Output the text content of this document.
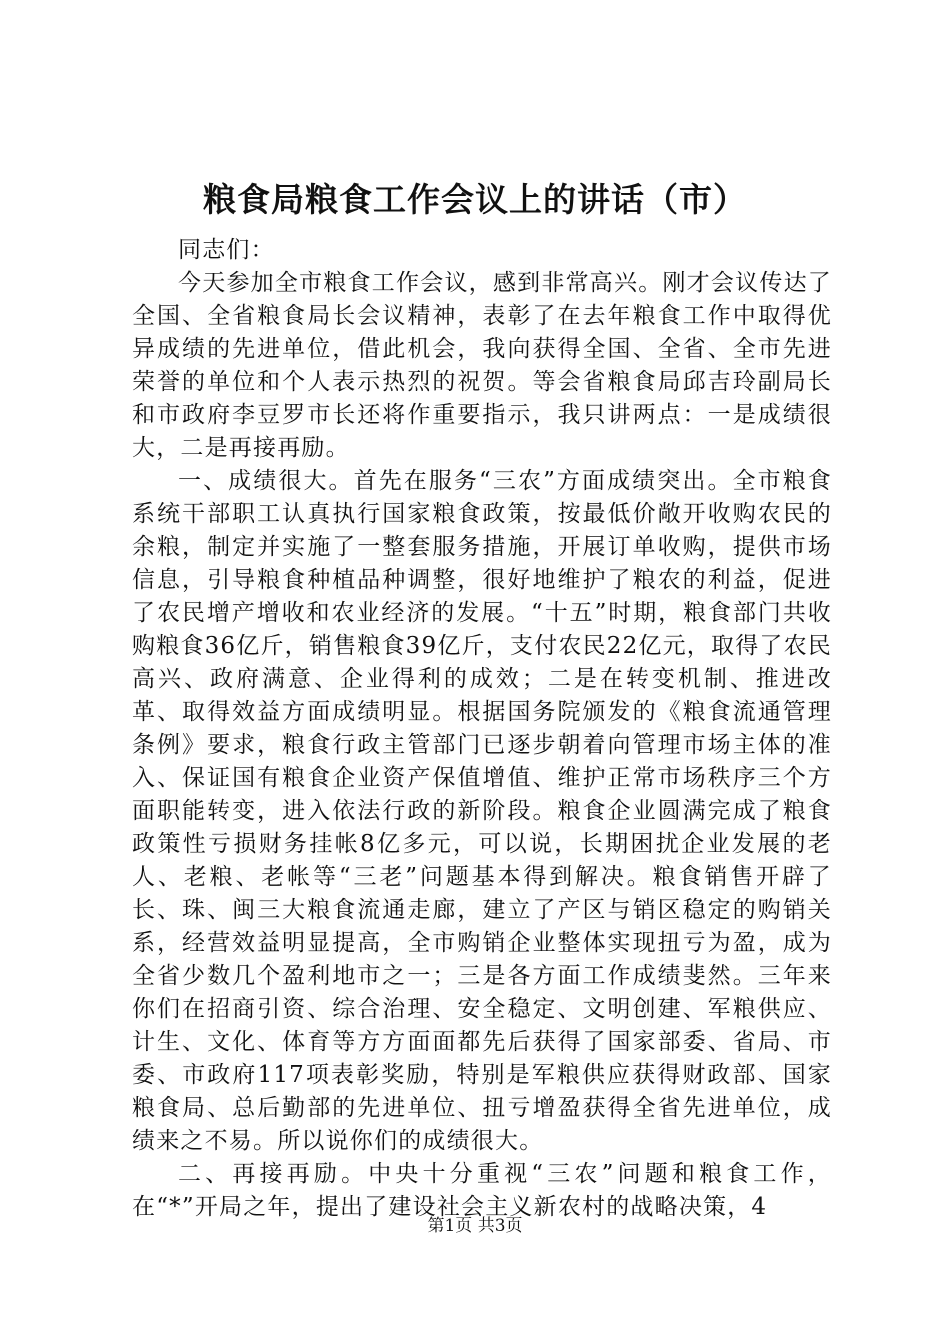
粮食局粮食工作会议上的讲话（市）
同志们：

今天参加全市粮食工作会议，感到非常高兴。刚才会议传达了全国、全省粮食局长会议精神，表彰了在去年粮食工作中取得优异成绩的先进单位，借此机会，我向获得全国、全省、全市先进荣誉的单位和个人表示热烈的祝贺。等会省粮食局邱吉玲副局长和市政府李豆罗市长还将作重要指示，我只讲两点：一是成绩很大，二是再接再励。

一、成绩很大。首先在服务“三农”方面成绩突出。全市粮食系统干部职工认真执行国家粮食政策，按最低价敞开收购农民的余粮，制定并实施了一整套服务措施，开展订单收购，提供市场信息，引导粮食种植品种调整，很好地维护了粮农的利益，促进了农民增产增收和农业经济的发展。“十五”时期，粮食部门共收购粮食36亿斤，销售粮食39亿斤，支付农民22亿元，取得了农民高兴、政府满意、企业得利的成效；二是在转变机制、推进改革、取得效益方面成绩明显。根据国务院颁发的《粮食流通管理条例》要求，粮食行政主管部门已逐步朝着向管理市场主体的准入、保证国有粮食企业资产保值增值、维护正常市场秩序三个方面职能转变，进入依法行政的新阶段。粮食企业圆满完成了粮食政策性亏损财务挂帐8亿多元，可以说，长期困扰企业发展的老人、老粮、老帐等“三老”问题基本得到解决。粮食销售开辟了长、珠、闽三大粮食流通走廊，建立了产区与销区稳定的购销关系，经营效益明显提高，全市购销企业整体实现扭亏为盈，成为全省少数几个盈利地市之一；三是各方面工作成绩斐然。三年来你们在招商引资、综合治理、安全稳定、文明创建、军粮供应、计生、文化、体育等方方面面都先后获得了国家部委、省局、市委、市政府117项表彰奖励，特别是军粮供应获得财政部、国家粮食局、总后勤部的先进单位、扭亏增盈获得全省先进单位，成绩来之不易。所以说你们的成绩很大。

二、再接再励。中央十分重视“三农”问题和粮食工作，在“*”开局之年，提出了建设社会主义新农村的战略决策，4

第1页 共3页
